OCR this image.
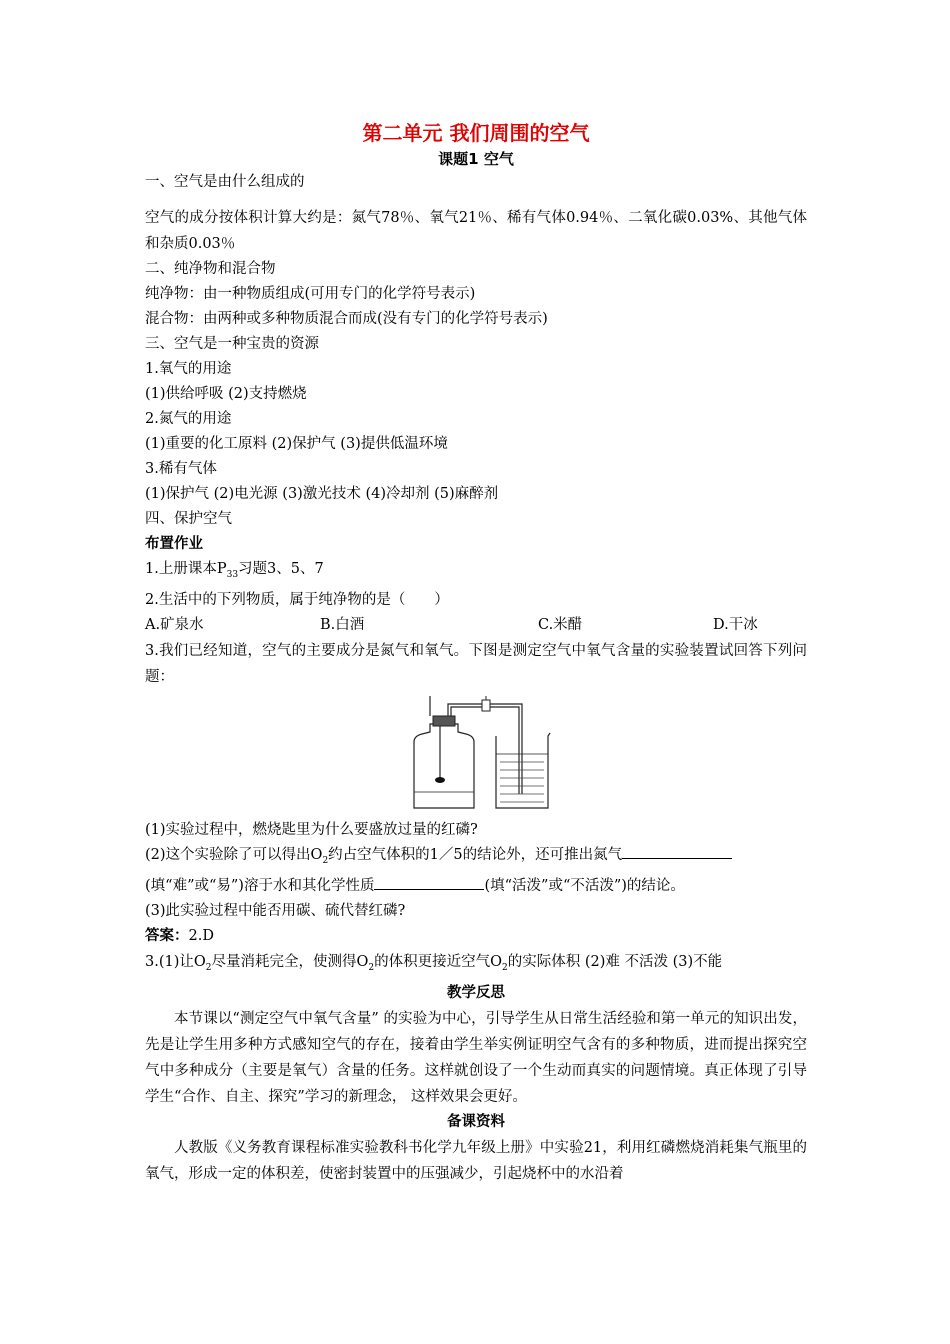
第二单元 我们周围的空气
课题1 空气
一、空气是由什么组成的
空气的成分按体积计算大约是：氮气78％、氧气21％、稀有气体0.94％、二氧化碳0.03%、其他气体和杂质0.03％
二、纯净物和混合物
纯净物：由一种物质组成(可用专门的化学符号表示)
混合物：由两种或多种物质混合而成(没有专门的化学符号表示)
三、空气是一种宝贵的资源
1.氧气的用途
(1)供给呼吸 (2)支持燃烧
2.氮气的用途
(1)重要的化工原料 (2)保护气 (3)提供低温环境
3.稀有气体
(1)保护气 (2)电光源 (3)激光技术 (4)冷却剂 (5)麻醉剂
四、保护空气
布置作业
1.上册课本$P_{33}$习题3、5、7
2.生活中的下列物质，属于纯净物的是（　　）
A.矿泉水	B.白酒	C.米醋	D.干冰
3.我们已经知道，空气的主要成分是氮气和氧气。下图是测定空气中氧气含量的实验装置试回答下列问题：
(1)实验过程中，燃烧匙里为什么要盛放过量的红磷?
(2)这个实验除了可以得出$O_2$约占空气体积的1／5的结论外，还可推出氮气
(填“难”或“易”)溶于水和其化学性质	(填“活泼”或“不活泼”)的结论。
(3)此实验过程中能否用碳、硫代替红磷?
答案：2.D
3.(1)让$O_2$尽量消耗完全，使测得$O_2$的体积更接近空气$O_2$的实际体积 (2)难 不活泼 (3)不能
教学反思
本节课以“测定空气中氧气含量” 的实验为中心，引导学生从日常生活经验和第一单元的知识出发，先是让学生用多种方式感知空气的存在，接着由学生举实例证明空气含有的多种物质，进而提出探究空气中多种成分（主要是氧气）含量的任务。这样就创设了一个生动而真实的问题情境。真正体现了引导学生“合作、自主、探究”学习的新理念， 这样效果会更好。
备课资料
人教版《义务教育课程标准实验教科书化学九年级上册》中实验21，利用红磷燃烧消耗集气瓶里的氧气，形成一定的体积差，使密封装置中的压强减少，引起烧杯中的水沿着
